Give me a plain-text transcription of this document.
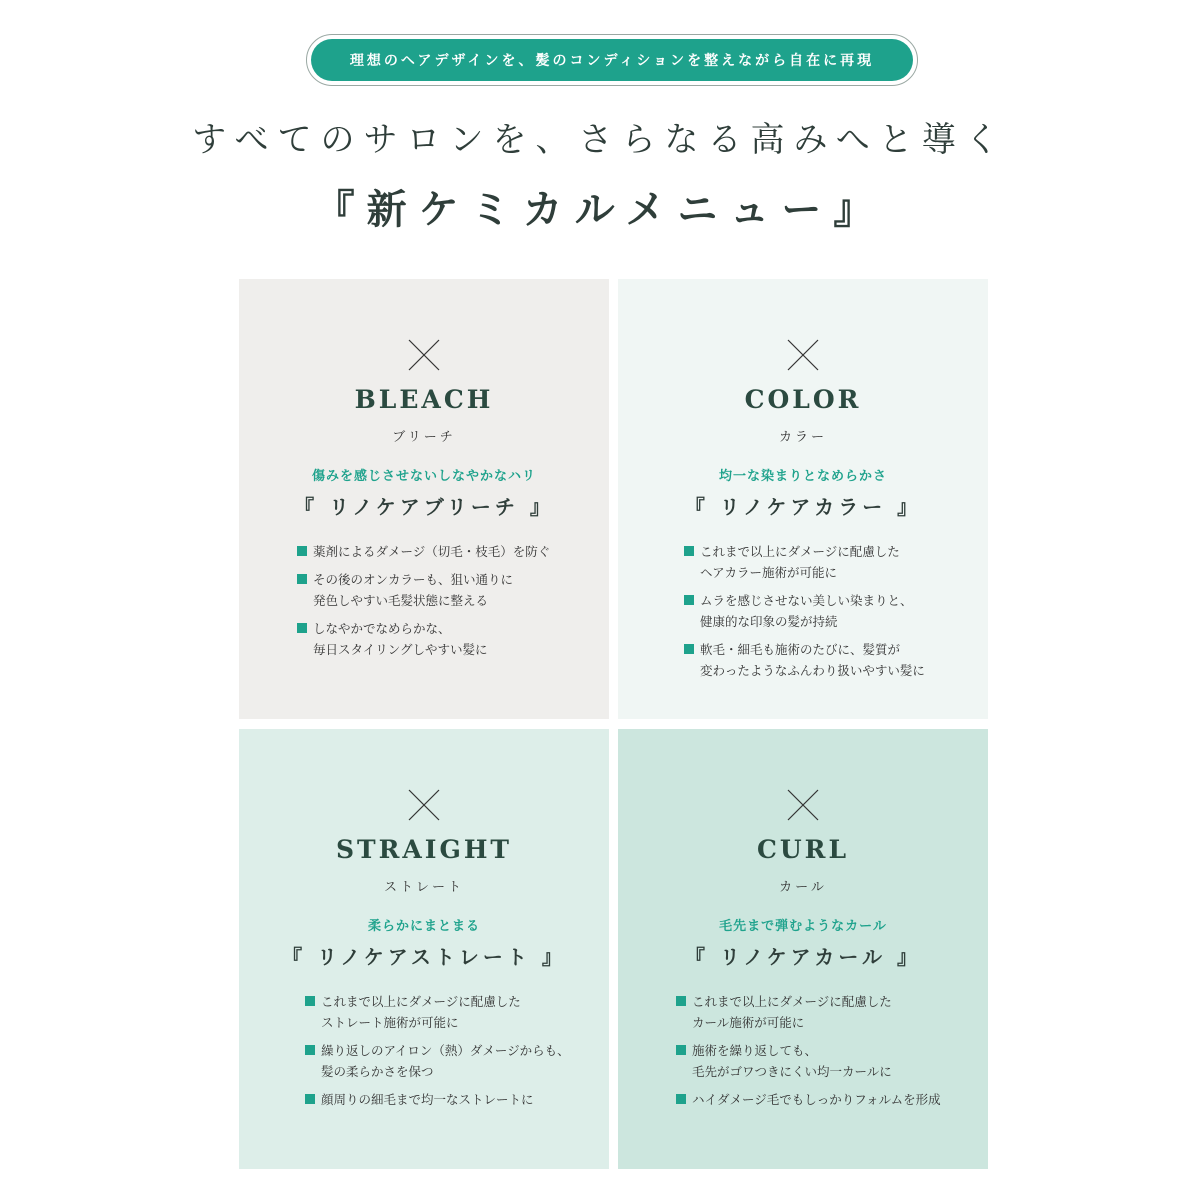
理想のヘアデザインを、髪のコンディションを整えながら自在に再現
すべてのサロンを、さらなる高みへと導く
『新ケミカルメニュー』
BLEACH
ブリーチ
傷みを感じさせないしなやかなハリ
『 リノケアブリーチ 』
薬剤によるダメージ（切毛・枝毛）を防ぐ
その後のオンカラーも、狙い通りに
発色しやすい毛髪状態に整える
しなやかでなめらかな、
毎日スタイリングしやすい髪に
COLOR
カラー
均一な染まりとなめらかさ
『 リノケアカラー 』
これまで以上にダメージに配慮した
ヘアカラー施術が可能に
ムラを感じさせない美しい染まりと、
健康的な印象の髪が持続
軟毛・細毛も施術のたびに、髪質が
変わったようなふんわり扱いやすい髪に
STRAIGHT
ストレート
柔らかにまとまる
『 リノケアストレート 』
これまで以上にダメージに配慮した
ストレート施術が可能に
繰り返しのアイロン（熱）ダメージからも、
髪の柔らかさを保つ
顔周りの細毛まで均一なストレートに
CURL
カール
毛先まで弾むようなカール
『 リノケアカール 』
これまで以上にダメージに配慮した
カール施術が可能に
施術を繰り返しても、
毛先がゴワつきにくい均一カールに
ハイダメージ毛でもしっかりフォルムを形成
